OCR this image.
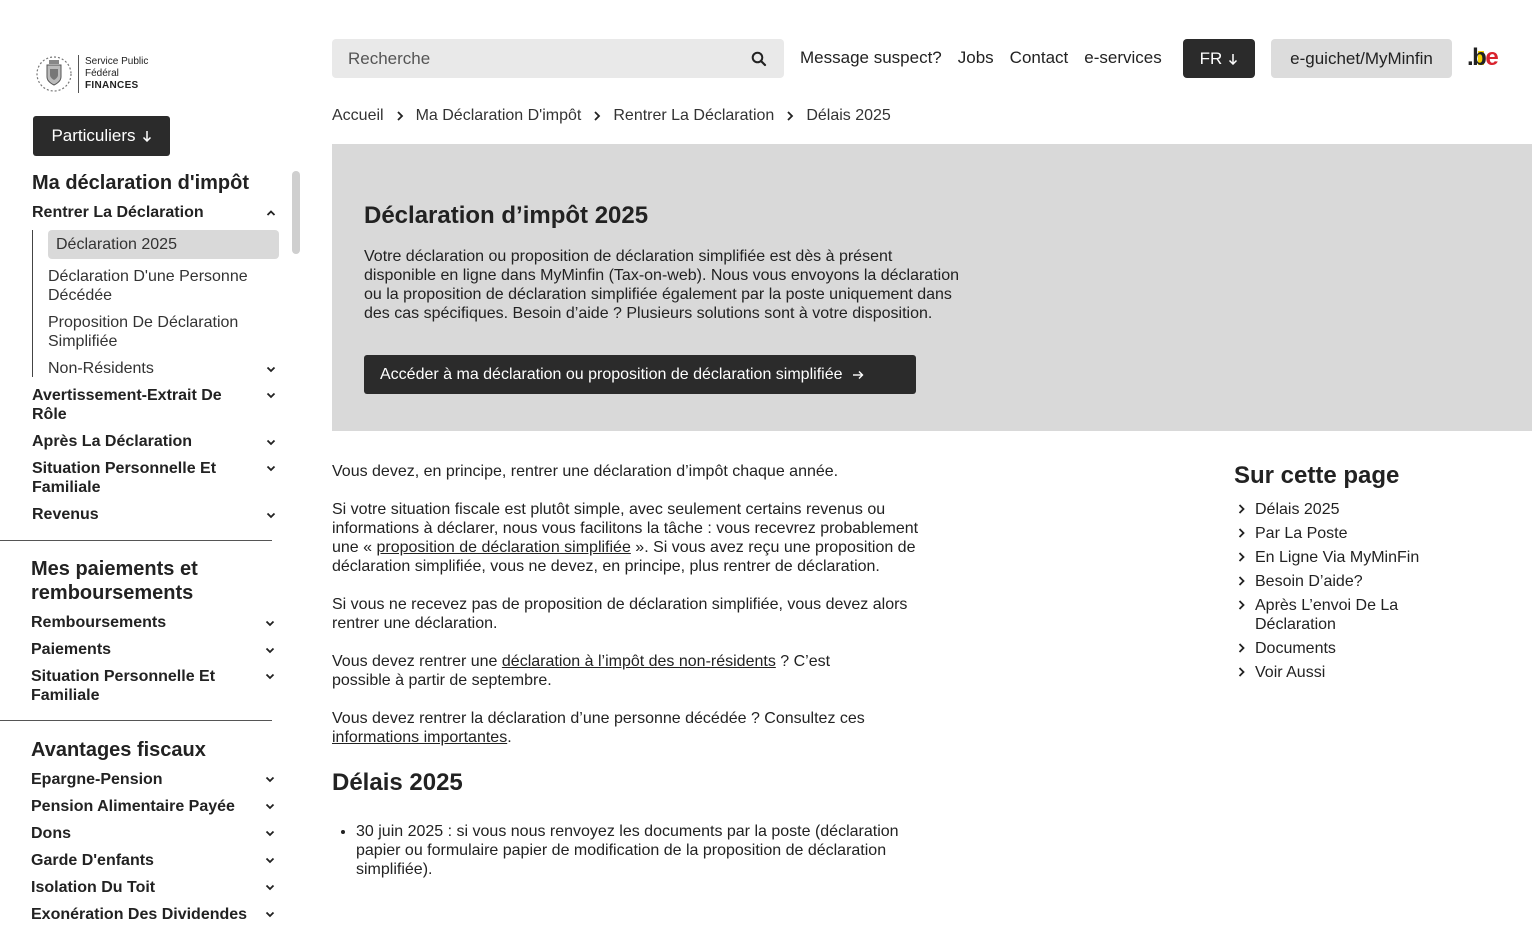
Service Public
Fédéral
FINANCES
Recherche
Message suspect? Jobs Contact e-services FR	e-guichet/MyMinfin	. b e
Particuliers
Ma déclaration d'impôt
Rentrer La Déclaration
Déclaration 2025
Déclaration D'une Personne Décédée
Proposition De Déclaration Simplifiée
Non-Résidents
Avertissement-Extrait De Rôle
Après La Déclaration
Situation Personnelle Et Familiale
Revenus
Mes paiements et remboursements
Remboursements
Paiements
Situation Personnelle Et Familiale
Avantages fiscaux
Epargne-Pension
Pension Alimentaire Payée
Dons
Garde D'enfants
Isolation Du Toit
Exonération Des Dividendes
Accueil Ma Déclaration D'impôt Rentrer La Déclaration Délais 2025
Déclaration d’impôt 2025
Votre déclaration ou proposition de déclaration simplifiée est dès à présent disponible en ligne dans MyMinfin (Tax-on-web). Nous vous envoyons la déclaration ou la proposition de déclaration simplifiée également par la poste uniquement dans des cas spécifiques. Besoin d’aide ? Plusieurs solutions sont à votre disposition.
Accéder à ma déclaration ou proposition de déclaration simplifiée

Vous devez, en principe, rentrer une déclaration d’impôt chaque année.

Si votre situation fiscale est plutôt simple, avec seulement certains revenus ou informations à déclarer, nous vous facilitons la tâche : vous recevrez probablement une « proposition de déclaration simplifiée ». Si vous avez reçu une proposition de déclaration simplifiée, vous ne devez, en principe, plus rentrer de déclaration.

Si vous ne recevez pas de proposition de déclaration simplifiée, vous devez alors rentrer une déclaration.

Vous devez rentrer une déclaration à l’impôt des non-résidents ? C’est possible à partir de septembre.

Vous devez rentrer la déclaration d’une personne décédée ? Consultez ces informations importantes.

Délais 2025
• 30 juin 2025 : si vous nous renvoyez les documents par la poste (déclaration papier ou formulaire papier de modification de la proposition de déclaration simplifiée).
Sur cette page
Délais 2025
Par La Poste
En Ligne Via MyMinFin
Besoin D’aide?
Après L’envoi De La Déclaration
Documents
Voir Aussi
